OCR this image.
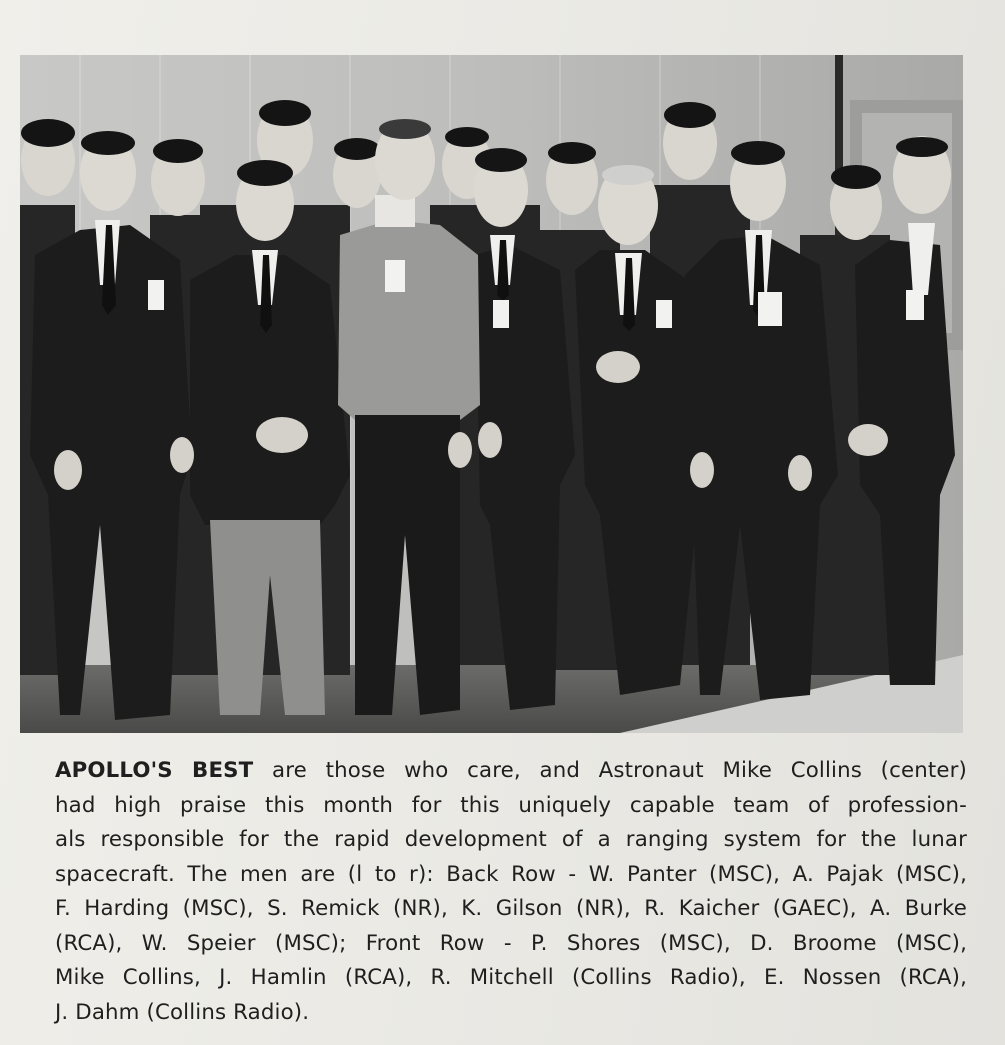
APOLLO'S BEST are those who care, and Astronaut Mike Collins (center)
had high praise this month for this uniquely capable team of profession-
als responsible for the rapid development of a ranging system for the lunar
spacecraft. The men are (l to r): Back Row - W. Panter (MSC), A. Pajak (MSC),
F. Harding (MSC), S. Remick (NR), K. Gilson (NR), R. Kaicher (GAEC), A. Burke
(RCA), W. Speier (MSC); Front Row - P. Shores (MSC), D. Broome (MSC),
Mike Collins, J. Hamlin (RCA), R. Mitchell (Collins Radio), E. Nossen (RCA),
J. Dahm (Collins Radio).
